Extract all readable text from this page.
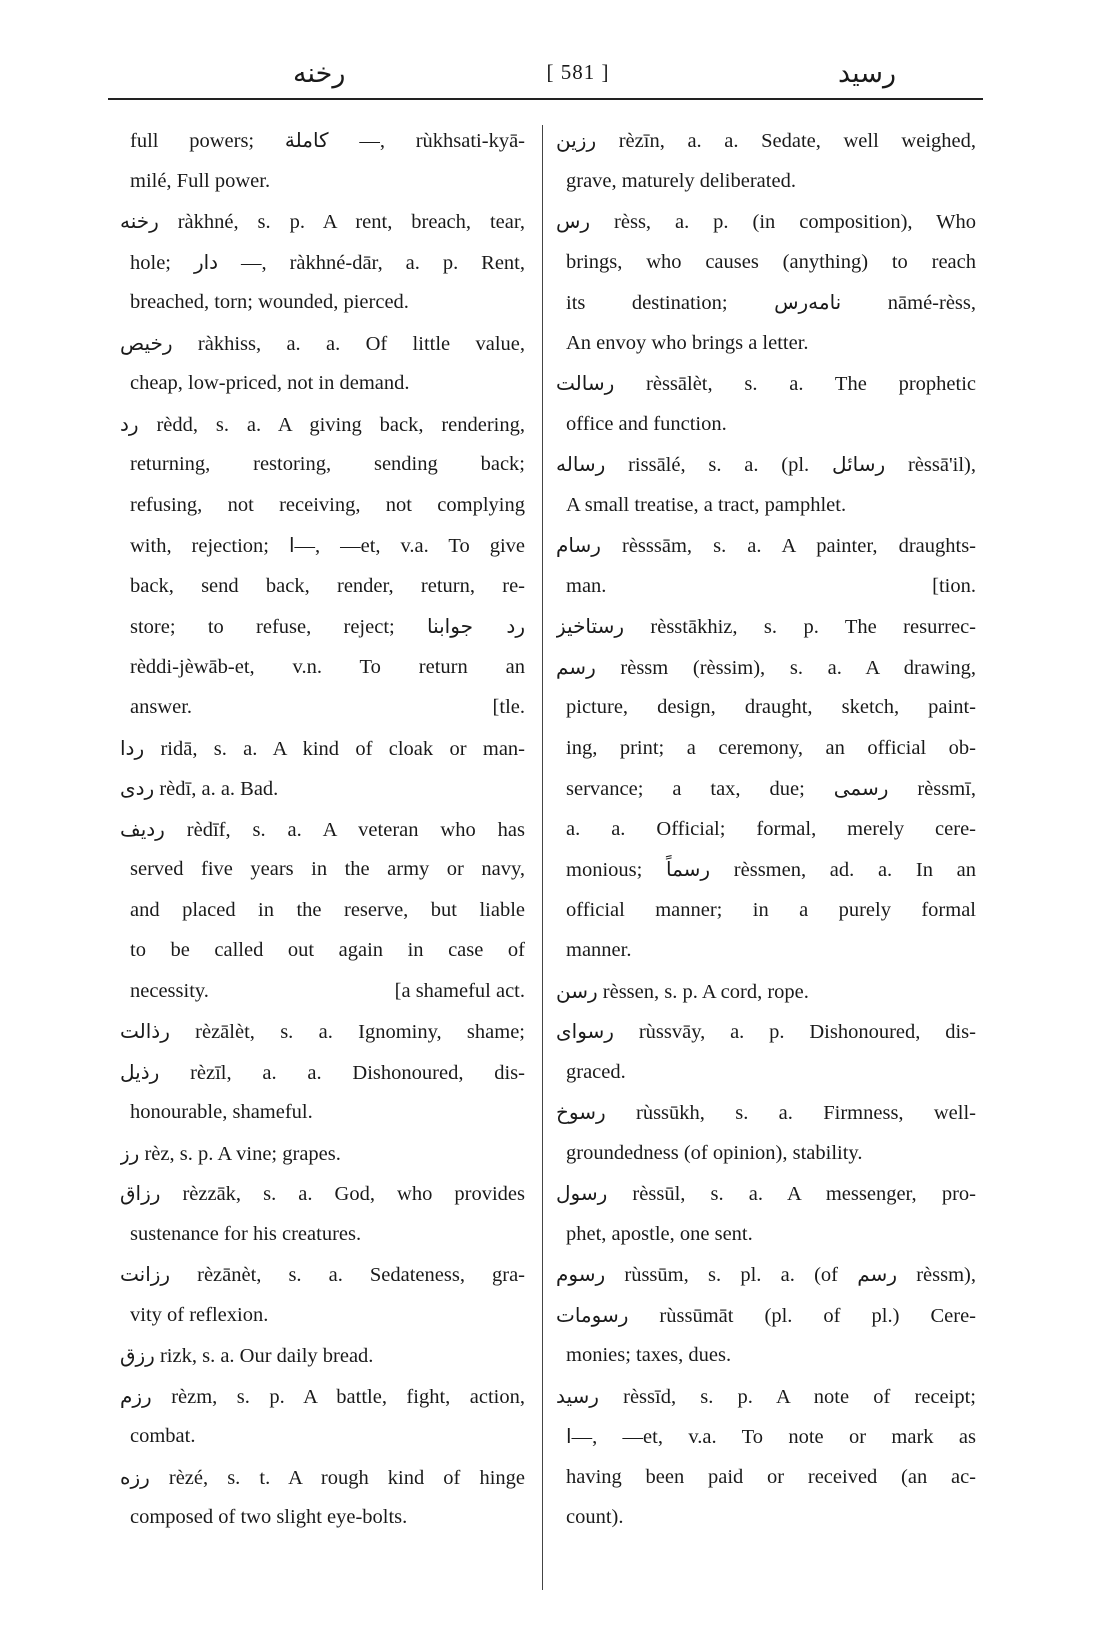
رخنه	[ 581 ]	رسيد
full powers; كاملة —, rùkhsati-kyā-
milé, Full power.
رخنه ràkhné, s. p. A rent, breach, tear,
hole; دار —, ràkhné-dār, a. p. Rent,
breached, torn; wounded, pierced.
رخيص ràkhiss, a. a. Of little value,
cheap, low-priced, not in demand.
رد rèdd, s. a. A giving back, rendering,
returning, restoring, sending back;
refusing, not receiving, not complying
with, rejection; ا—, —et, v.a. To give
back, send back, render, return, re-
store; to refuse, reject; رد جوابنا
rèddi-jèwāb-et, v.n. To return an
answer.	[tle.
ردا ridā, s. a. A kind of cloak or man-
ردى rèdī, a. a. Bad.
رديف rèdīf, s. a. A veteran who has
served five years in the army or navy,
and placed in the reserve, but liable
to be called out again in case of
necessity.	[a shameful act.
رذالت rèzālèt, s. a. Ignominy, shame;
رذيل rèzīl, a. a. Dishonoured, dis-
honourable, shameful.
رز rèz, s. p. A vine; grapes.
رزاق rèzzāk, s. a. God, who provides
sustenance for his creatures.
رزانت rèzānèt, s. a. Sedateness, gra-
vity of reflexion.
رزق rizk, s. a. Our daily bread.
رزم rèzm, s. p. A battle, fight, action,
combat.
رزه rèzé, s. t. A rough kind of hinge
composed of two slight eye-bolts.
رزين rèzīn, a. a. Sedate, well weighed,
grave, maturely deliberated.
رس rèss, a. p. (in composition), Who
brings, who causes (anything) to reach
its destination; نامه‌رس nāmé-rèss,
An envoy who brings a letter.
رسالت rèssālèt, s. a. The prophetic
office and function.
رساله rissālé, s. a. (pl. رسائل rèssā'il),
A small treatise, a tract, pamphlet.
رسام rèsssām, s. a. A painter, draughts-
man.	[tion.
رستاخيز rèsstākhiz, s. p. The resurrec-
رسم rèssm (rèssim), s. a. A drawing,
picture, design, draught, sketch, paint-
ing, print; a ceremony, an official ob-
servance; a tax, due; رسمى rèssmī,
a. a. Official; formal, merely cere-
monious; رسماً rèssmen, ad. a. In an
official manner; in a purely formal
manner.
رسن rèssen, s. p. A cord, rope.
رسواى rùssvāy, a. p. Dishonoured, dis-
graced.
رسوخ rùssūkh, s. a. Firmness, well-
groundedness (of opinion), stability.
رسول rèssūl, s. a. A messenger, pro-
phet, apostle, one sent.
رسوم rùssūm, s. pl. a. (of رسم rèssm),
رسومات rùssūmāt (pl. of pl.) Cere-
monies; taxes, dues.
رسيد rèssīd, s. p. A note of receipt;
ا—, —et, v.a. To note or mark as
having been paid or received (an ac-
count).
